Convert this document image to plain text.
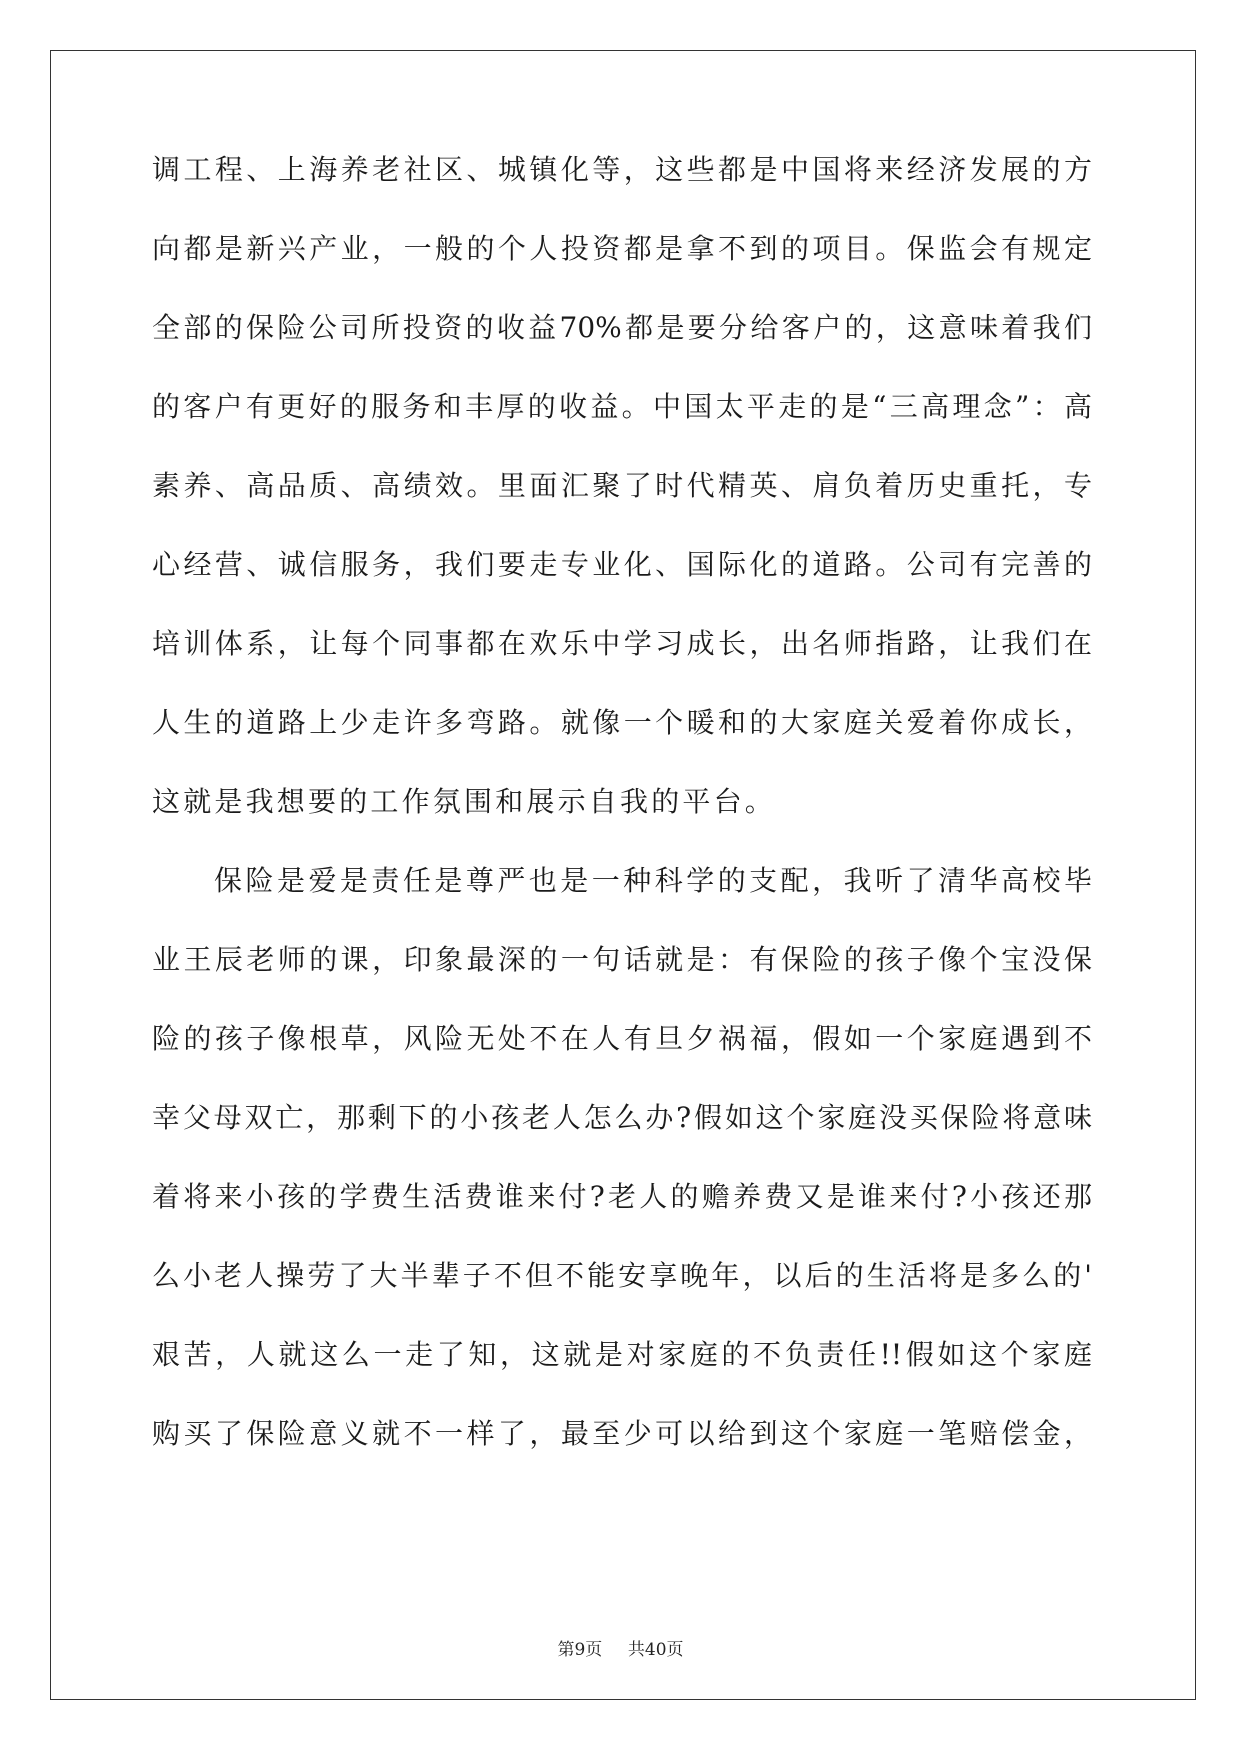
调工程、上海养老社区、城镇化等，这些都是中国将来经济发展的方
向都是新兴产业，一般的个人投资都是拿不到的项目。保监会有规定
全部的保险公司所投资的收益70%都是要分给客户的，这意味着我们
的客户有更好的服务和丰厚的收益。中国太平走的是“三高理念”：高
素养、高品质、高绩效。里面汇聚了时代精英、肩负着历史重托，专
心经营、诚信服务，我们要走专业化、国际化的道路。公司有完善的
培训体系，让每个同事都在欢乐中学习成长，出名师指路，让我们在
人生的道路上少走许多弯路。就像一个暖和的大家庭关爱着你成长，
这就是我想要的工作氛围和展示自我的平台。
保险是爱是责任是尊严也是一种科学的支配，我听了清华高校毕
业王辰老师的课，印象最深的一句话就是：有保险的孩子像个宝没保
险的孩子像根草，风险无处不在人有旦夕祸福，假如一个家庭遇到不
幸父母双亡，那剩下的小孩老人怎么办?假如这个家庭没买保险将意味
着将来小孩的学费生活费谁来付?老人的赡养费又是谁来付?小孩还那
么小老人操劳了大半辈子不但不能安享晚年，以后的生活将是多么的'
艰苦，人就这么一走了知，这就是对家庭的不负责任!!假如这个家庭
购买了保险意义就不一样了，最至少可以给到这个家庭一笔赔偿金，
第9页 共40页
